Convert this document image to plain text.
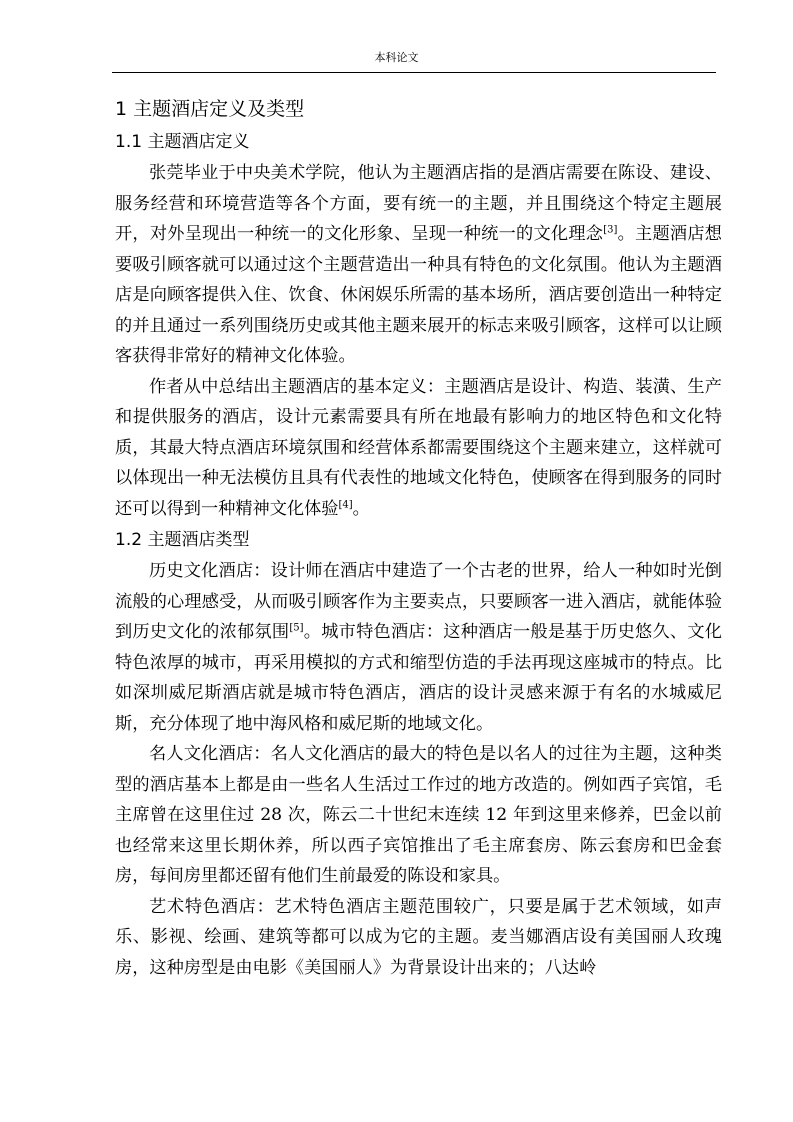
本科论文
1 主题酒店定义及类型
1.1 主题酒店定义

张莞毕业于中央美术学院，他认为主题酒店指的是酒店需要在陈设、建设、服务经营和环境营造等各个方面，要有统一的主题，并且围绕这个特定主题展开，对外呈现出一种统一的文化形象、呈现一种统一的文化理念[3]。主题酒店想要吸引顾客就可以通过这个主题营造出一种具有特色的文化氛围。他认为主题酒店是向顾客提供入住、饮食、休闲娱乐所需的基本场所，酒店要创造出一种特定的并且通过一系列围绕历史或其他主题来展开的标志来吸引顾客，这样可以让顾客获得非常好的精神文化体验。

作者从中总结出主题酒店的基本定义：主题酒店是设计、构造、装潢、生产和提供服务的酒店，设计元素需要具有所在地最有影响力的地区特色和文化特质，其最大特点酒店环境氛围和经营体系都需要围绕这个主题来建立，这样就可以体现出一种无法模仿且具有代表性的地域文化特色，使顾客在得到服务的同时还可以得到一种精神文化体验[4]。

1.2 主题酒店类型

历史文化酒店：设计师在酒店中建造了一个古老的世界，给人一种如时光倒流般的心理感受，从而吸引顾客作为主要卖点，只要顾客一进入酒店，就能体验到历史文化的浓郁氛围[5]。城市特色酒店：这种酒店一般是基于历史悠久、文化特色浓厚的城市，再采用模拟的方式和缩型仿造的手法再现这座城市的特点。比如深圳威尼斯酒店就是城市特色酒店，酒店的设计灵感来源于有名的水城威尼斯，充分体现了地中海风格和威尼斯的地域文化。

名人文化酒店：名人文化酒店的最大的特色是以名人的过往为主题，这种类型的酒店基本上都是由一些名人生活过工作过的地方改造的。例如西子宾馆，毛主席曾在这里住过 28 次，陈云二十世纪末连续 12 年到这里来修养，巴金以前也经常来这里长期休养，所以西子宾馆推出了毛主席套房、陈云套房和巴金套房，每间房里都还留有他们生前最爱的陈设和家具。

艺术特色酒店：艺术特色酒店主题范围较广，只要是属于艺术领域，如声乐、影视、绘画、建筑等都可以成为它的主题。麦当娜酒店设有美国丽人玫瑰房，这种房型是由电影《美国丽人》为背景设计出来的；八达岭
